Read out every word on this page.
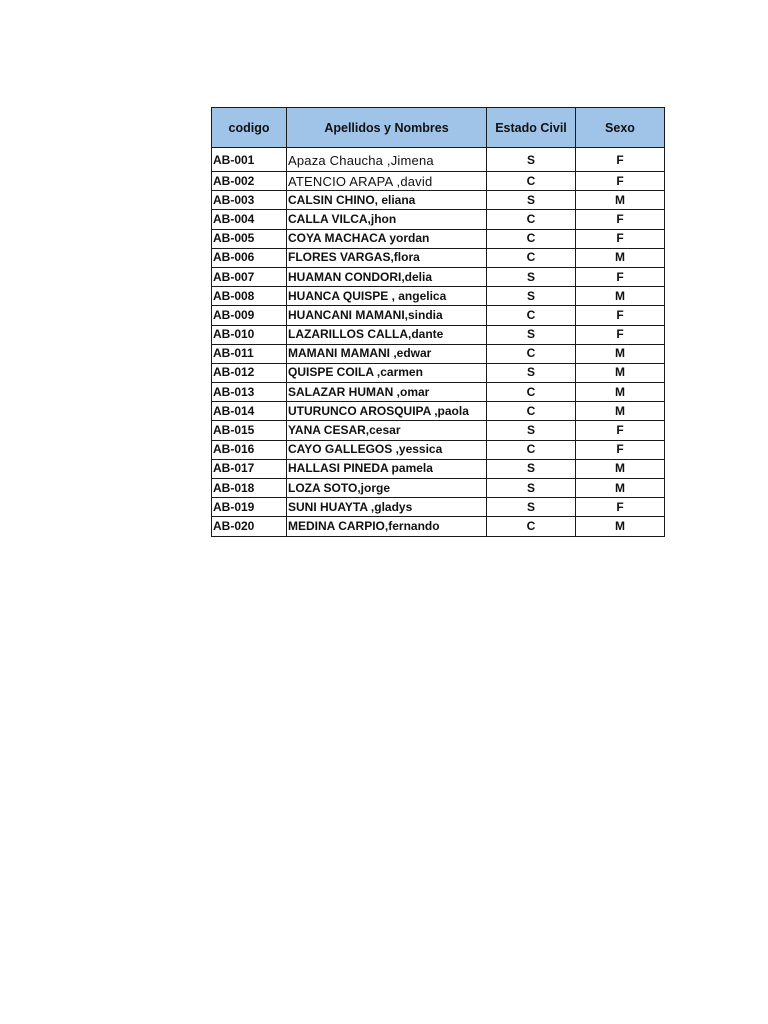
codigo	Apellidos y Nombres	Estado Civil	Sexo
AB-001	Apaza Chaucha ,Jimena	S	F
AB-002	ATENCIO ARAPA ,david	C	F
AB-003	CALSIN CHINO, eliana	S	M
AB-004	CALLA VILCA,jhon	C	F
AB-005	COYA MACHACA yordan	C	F
AB-006	FLORES VARGAS,flora	C	M
AB-007	HUAMAN CONDORI,delia	S	F
AB-008	HUANCA QUISPE , angelica	S	M
AB-009	HUANCANI MAMANI,sindia	C	F
AB-010	LAZARILLOS CALLA,dante	S	F
AB-011	MAMANI MAMANI ,edwar	C	M
AB-012	QUISPE COILA ,carmen	S	M
AB-013	SALAZAR HUMAN ,omar	C	M
AB-014	UTURUNCO AROSQUIPA ,paola	C	M
AB-015	YANA CESAR,cesar	S	F
AB-016	CAYO GALLEGOS ,yessica	C	F
AB-017	HALLASI PINEDA pamela	S	M
AB-018	LOZA SOTO,jorge	S	M
AB-019	SUNI HUAYTA ,gladys	S	F
AB-020	MEDINA CARPIO,fernando	C	M
